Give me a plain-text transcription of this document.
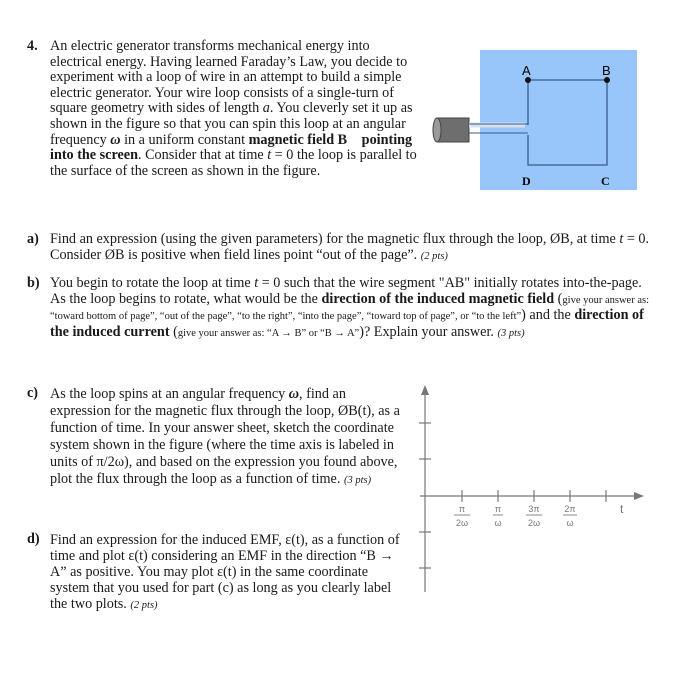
4. An electric generator transforms mechanical energy into electrical energy. Having learned Faraday’s Law, you decide to experiment with a loop of wire in an attempt to build a simple electric generator. Your wire loop consists of a single-turn of square geometry with sides of length a. You cleverly set it up as shown in the figure so that you can spin this loop at an angular frequency ω in a uniform constant magnetic field B⃗ pointing into the screen. Consider that at time t = 0 the loop is parallel to the surface of the screen as shown in the figure.
A	B
D	C
a) Find an expression (using the given parameters) for the magnetic flux through the loop, ØB, at time t = 0. Consider ØB is positive when field lines point “out of the page”. (2 pts)
b) You begin to rotate the loop at time t = 0 such that the wire segment "AB" initially rotates into-the-page. As the loop begins to rotate, what would be the direction of the induced magnetic field (give your answer as: “toward bottom of page”, “out of the page”, “to the right”, “into the page”, “toward top of page”, or “to the left”) and the direction of the induced current (give your answer as: “A → B” or “B → A”)? Explain your answer. (3 pts)
c) As the loop spins at an angular frequency ω, find an expression for the magnetic flux through the loop, ØB(t), as a function of time. In your answer sheet, sketch the coordinate system shown in the figure (where the time axis is labeled in units of π/2ω), and based on the expression you found above, plot the flux through the loop as a function of time. (3 pts)
d) Find an expression for the induced EMF, ε(t), as a function of time and plot ε(t) considering an EMF in the direction “B → A” as positive. You may plot ε(t) in the same coordinate system that you used for part (c) as long as you clearly label the two plots. (2 pts)
π
2ω
π
ω
3π
2ω
2π
ω
t
